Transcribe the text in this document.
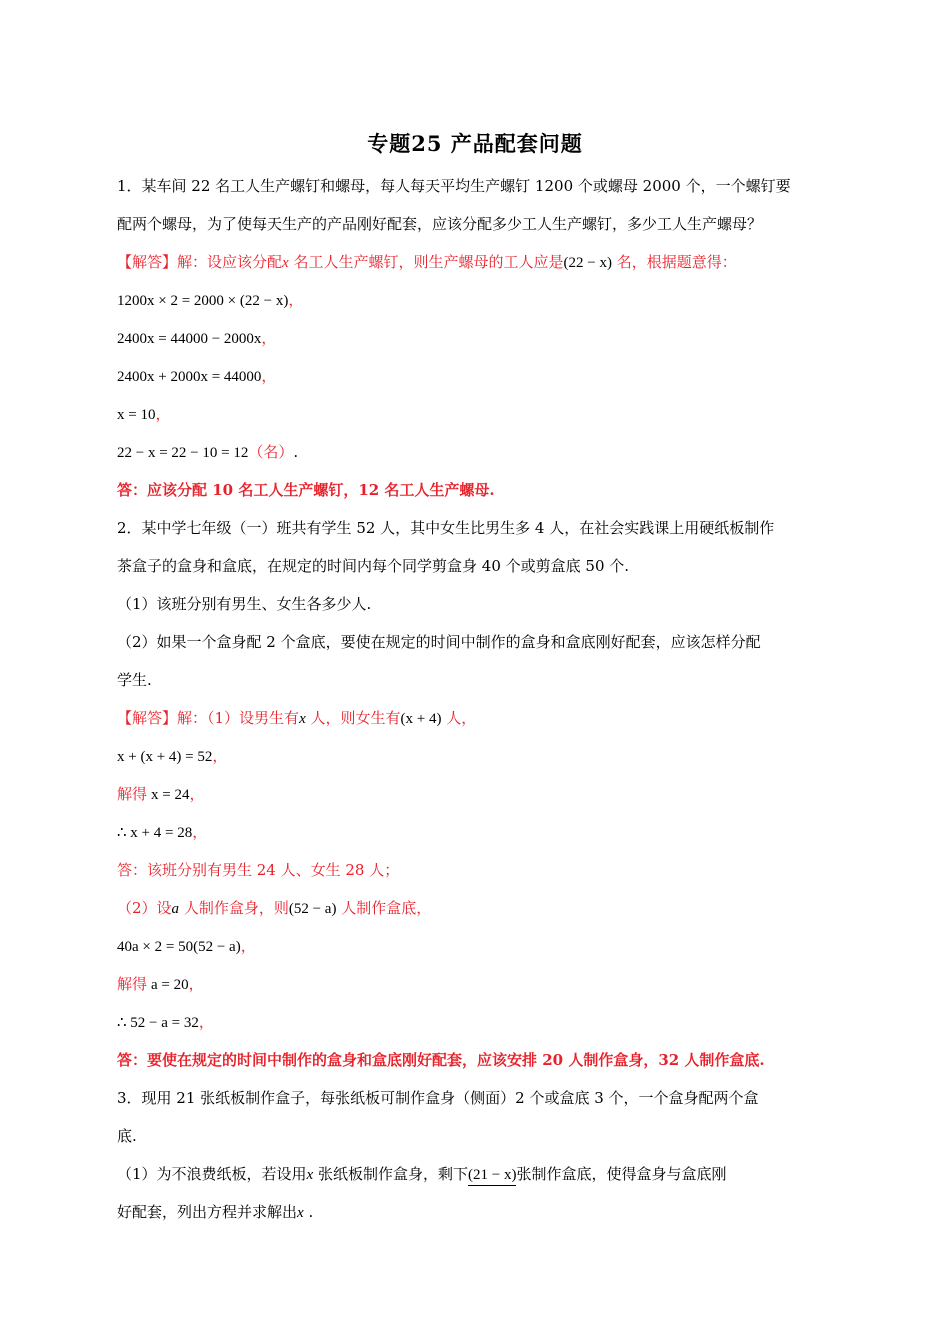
专题25 产品配套问题
1．某车间 22 名工人生产螺钉和螺母，每人每天平均生产螺钉 1200 个或螺母 2000 个，一个螺钉要
配两个螺母，为了使每天生产的产品刚好配套，应该分配多少工人生产螺钉，多少工人生产螺母？
【解答】解：设应该分配x 名工人生产螺钉，则生产螺母的工人应是(22 − x) 名，根据题意得：
1200x × 2 = 2000 × (22 − x)，
2400x = 44000 − 2000x，
2400x + 2000x = 44000，
x = 10，
22 − x = 22 − 10 = 12（名）.
答：应该分配 10 名工人生产螺钉，12 名工人生产螺母.
2．某中学七年级（一）班共有学生 52 人，其中女生比男生多 4 人，在社会实践课上用硬纸板制作
茶盒子的盒身和盒底，在规定的时间内每个同学剪盒身 40 个或剪盒底 50 个.
（1）该班分别有男生、女生各多少人.
（2）如果一个盒身配 2 个盒底，要使在规定的时间中制作的盒身和盒底刚好配套，应该怎样分配
学生.
【解答】解：（1）设男生有x 人，则女生有(x + 4) 人，
x + (x + 4) = 52，
解得 x = 24，
∴ x + 4 = 28，
答：该班分别有男生 24 人、女生 28 人；
（2）设a 人制作盒身，则(52 − a) 人制作盒底，
40a × 2 = 50(52 − a)，
解得 a = 20，
∴ 52 − a = 32，
答：要使在规定的时间中制作的盒身和盒底刚好配套，应该安排 20 人制作盒身，32 人制作盒底.
3．现用 21 张纸板制作盒子，每张纸板可制作盒身（侧面）2 个或盒底 3 个，一个盒身配两个盒
底.
（1）为不浪费纸板，若设用x 张纸板制作盒身，剩下(21 − x)张制作盒底，使得盒身与盒底刚
好配套，列出方程并求解出x .
